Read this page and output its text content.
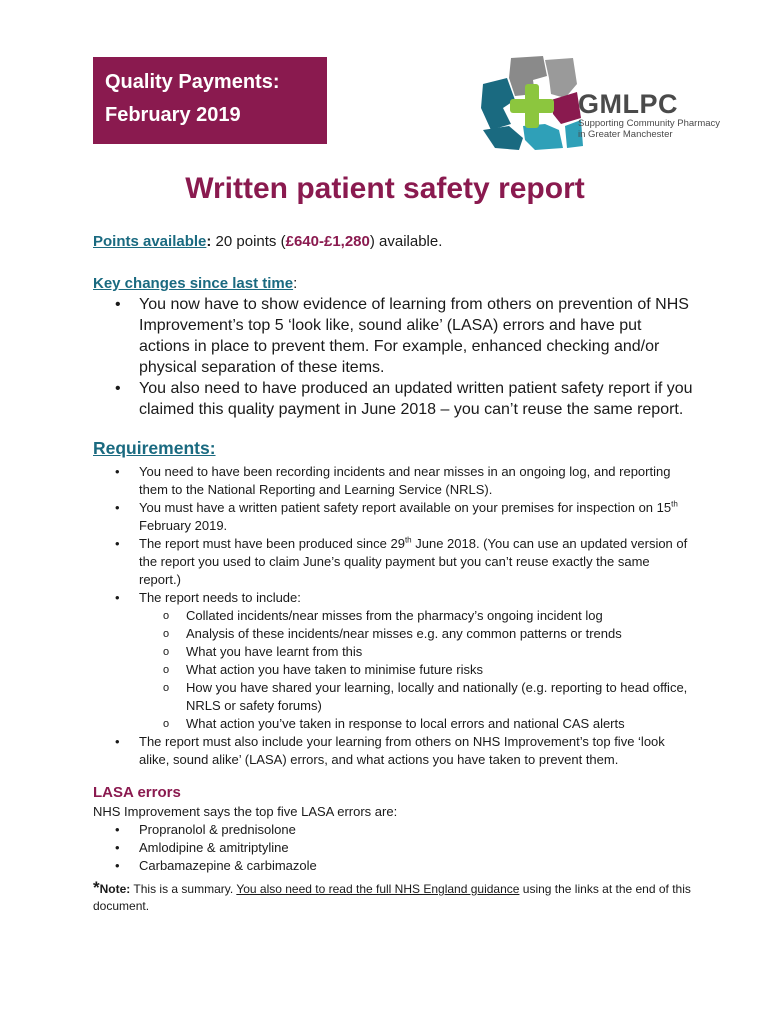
Quality Payments:
February 2019	GMLPC
Supporting Community Pharmacy
in Greater Manchester
Written patient safety report

Points available: 20 points (£640-£1,280) available.

Key changes since last time:

• You now have to show evidence of learning from others on prevention of NHS Improvement’s top 5 ‘look like, sound alike’ (LASA) errors and have put actions in place to prevent them. For example, enhanced checking and/or physical separation of these items.
• You also need to have produced an updated written patient safety report if you claimed this quality payment in June 2018 – you can’t reuse the same report.

Requirements:

• You need to have been recording incidents and near misses in an ongoing log, and reporting them to the National Reporting and Learning Service (NRLS).
• You must have a written patient safety report available on your premises for inspection on 15th February 2019.
• The report must have been produced since 29th June 2018. (You can use an updated version of the report you used to claim June’s quality payment but you can’t reuse exactly the same report.)
• The report needs to include:
o Collated incidents/near misses from the pharmacy’s ongoing incident log
o Analysis of these incidents/near misses e.g. any common patterns or trends
o What you have learnt from this
o What action you have taken to minimise future risks
o How you have shared your learning, locally and nationally (e.g. reporting to head office, NRLS or safety forums)
o What action you’ve taken in response to local errors and national CAS alerts
• The report must also include your learning from others on NHS Improvement’s top five ‘look alike, sound alike’ (LASA) errors, and what actions you have taken to prevent them.

LASA errors

NHS Improvement says the top five LASA errors are:

• Propranolol & prednisolone
• Amlodipine & amitriptyline
• Carbamazepine & carbimazole

*Note: This is a summary. You also need to read the full NHS England guidance using the links at the end of this document.
